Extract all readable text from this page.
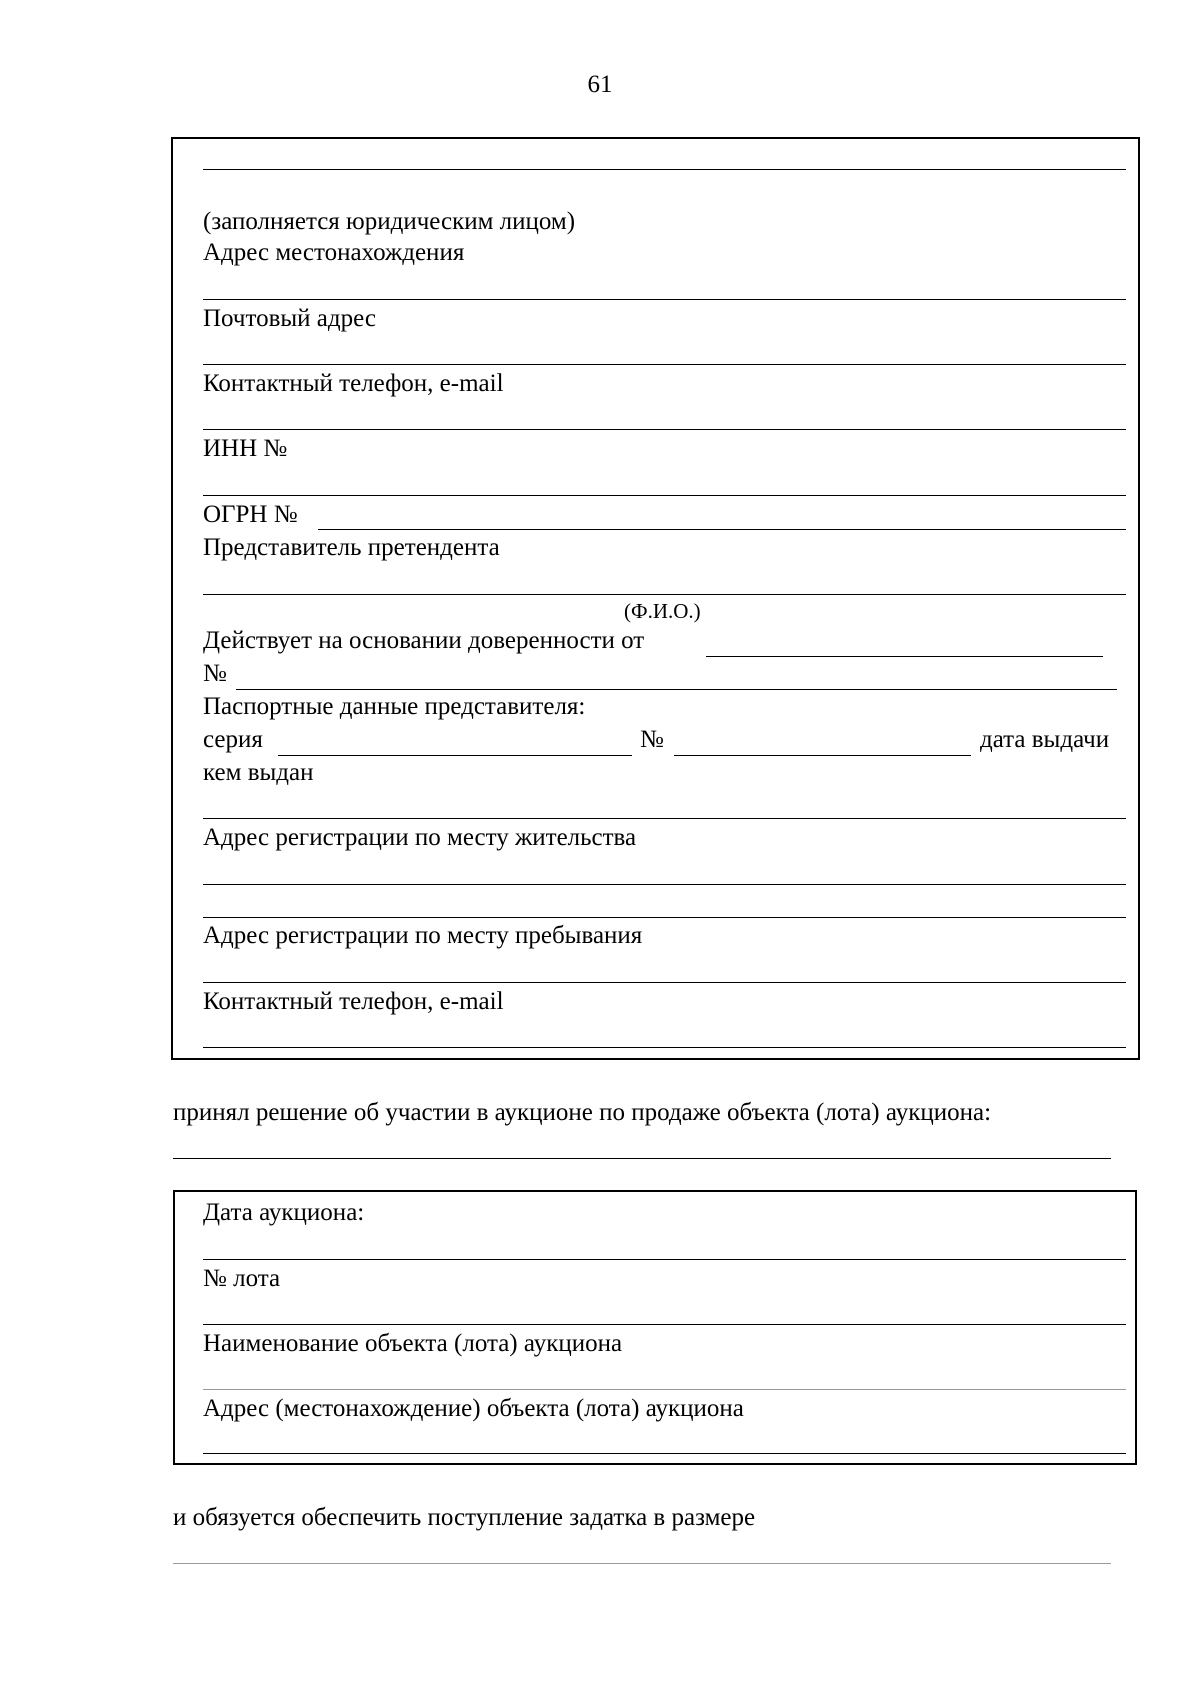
61
(заполняется юридическим лицом)
Адрес местонахождения
Почтовый адрес
Контактный телефон, e-mail
ИНН №
ОГРН №
Представитель претендента
(Ф.И.О.)
Действует на основании доверенности от
№
Паспортные данные представителя:
серия	№	дата выдачи
кем выдан
Адрес регистрации по месту жительства
Адрес регистрации по месту пребывания
Контактный телефон, e-mail
принял решение об участии в аукционе по продаже объекта (лота) аукциона:
Дата аукциона:
№ лота
Наименование объекта (лота) аукциона
Адрес (местонахождение) объекта (лота) аукциона
и обязуется обеспечить поступление задатка в размере
